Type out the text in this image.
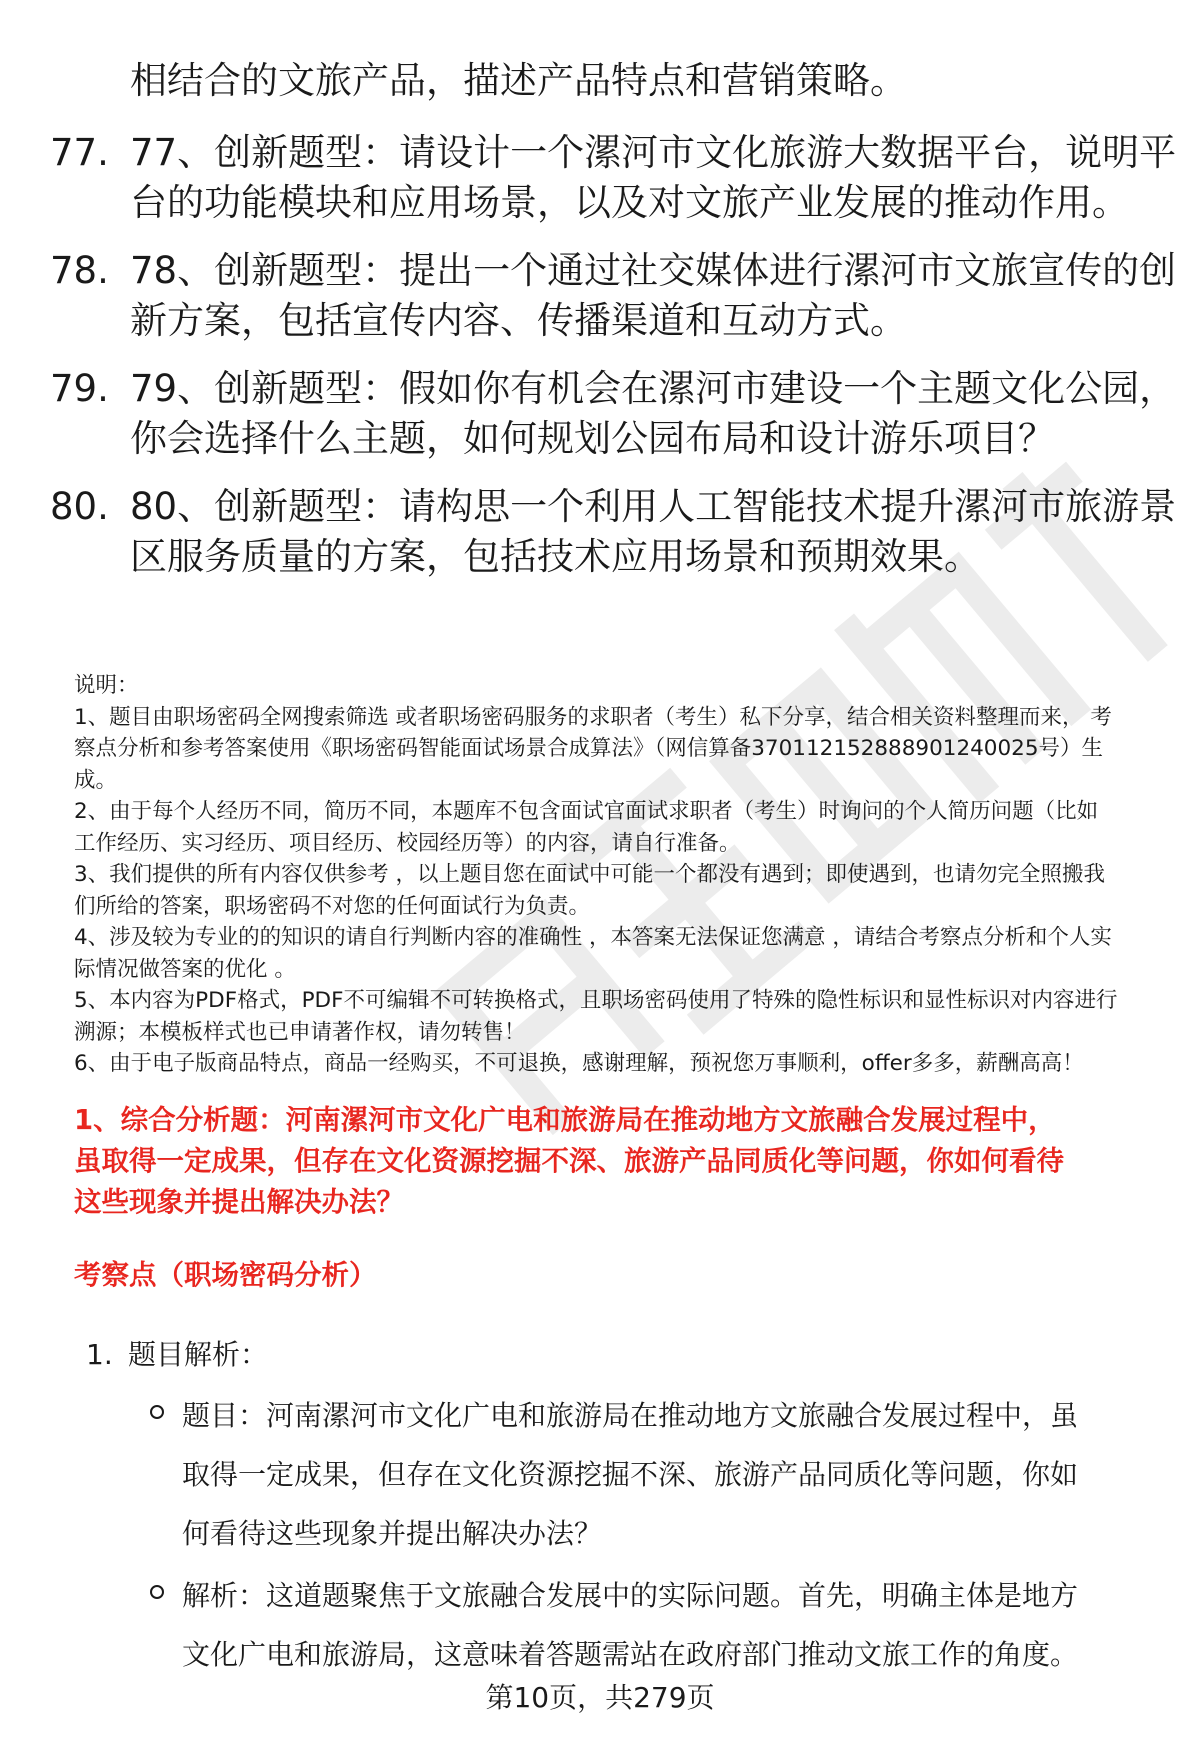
相结合的文旅产品，描述产品特点和营销策略。
77. 77、创新题型：请设计一个漯河市文化旅游大数据平台，说明平
台的功能模块和应用场景，以及对文旅产业发展的推动作用。
78. 78、创新题型：提出一个通过社交媒体进行漯河市文旅宣传的创
新方案，包括宣传内容、传播渠道和互动方式。
79. 79、创新题型：假如你有机会在漯河市建设一个主题文化公园，
你会选择什么主题，如何规划公园布局和设计游乐项目？
80. 80、创新题型：请构思一个利用人工智能技术提升漯河市旅游景
区服务质量的方案，包括技术应用场景和预期效果。
说明：
1、题目由职场密码全网搜索筛选 或者职场密码服务的求职者（考生）私下分享，结合相关资料整理而来， 考
察点分析和参考答案使用《职场密码智能面试场景合成算法》（网信算备370112152888901240025号）生
成。
2、由于每个人经历不同，简历不同，本题库不包含面试官面试求职者（考生）时询问的个人简历问题（比如
工作经历、实习经历、项目经历、校园经历等）的内容，请自行准备。
3、我们提供的所有内容仅供参考 ，以上题目您在面试中可能一个都没有遇到；即使遇到，也请勿完全照搬我
们所给的答案，职场密码不对您的任何面试行为负责。
4、涉及较为专业的的知识的请自行判断内容的准确性 ，本答案无法保证您满意 ，请结合考察点分析和个人实
际情况做答案的优化 。
5、本内容为PDF格式，PDF不可编辑不可转换格式，且职场密码使用了特殊的隐性标识和显性标识对内容进行
溯源；本模板样式也已申请著作权，请勿转售！
6、由于电子版商品特点，商品一经购买，不可退换，感谢理解，预祝您万事顺利，offer多多，薪酬高高！
1、综合分析题：河南漯河市文化广电和旅游局在推动地方文旅融合发展过程中，
虽取得一定成果，但存在文化资源挖掘不深、旅游产品同质化等问题，你如何看待
这些现象并提出解决办法？
考察点（职场密码分析）
1. 题目解析：
题目：河南漯河市文化广电和旅游局在推动地方文旅融合发展过程中，虽
取得一定成果，但存在文化资源挖掘不深、旅游产品同质化等问题，你如
何看待这些现象并提出解决办法？
解析：这道题聚焦于文旅融合发展中的实际问题。首先，明确主体是地方
文化广电和旅游局，这意味着答题需站在政府部门推动文旅工作的角度。
第10页，共279页
